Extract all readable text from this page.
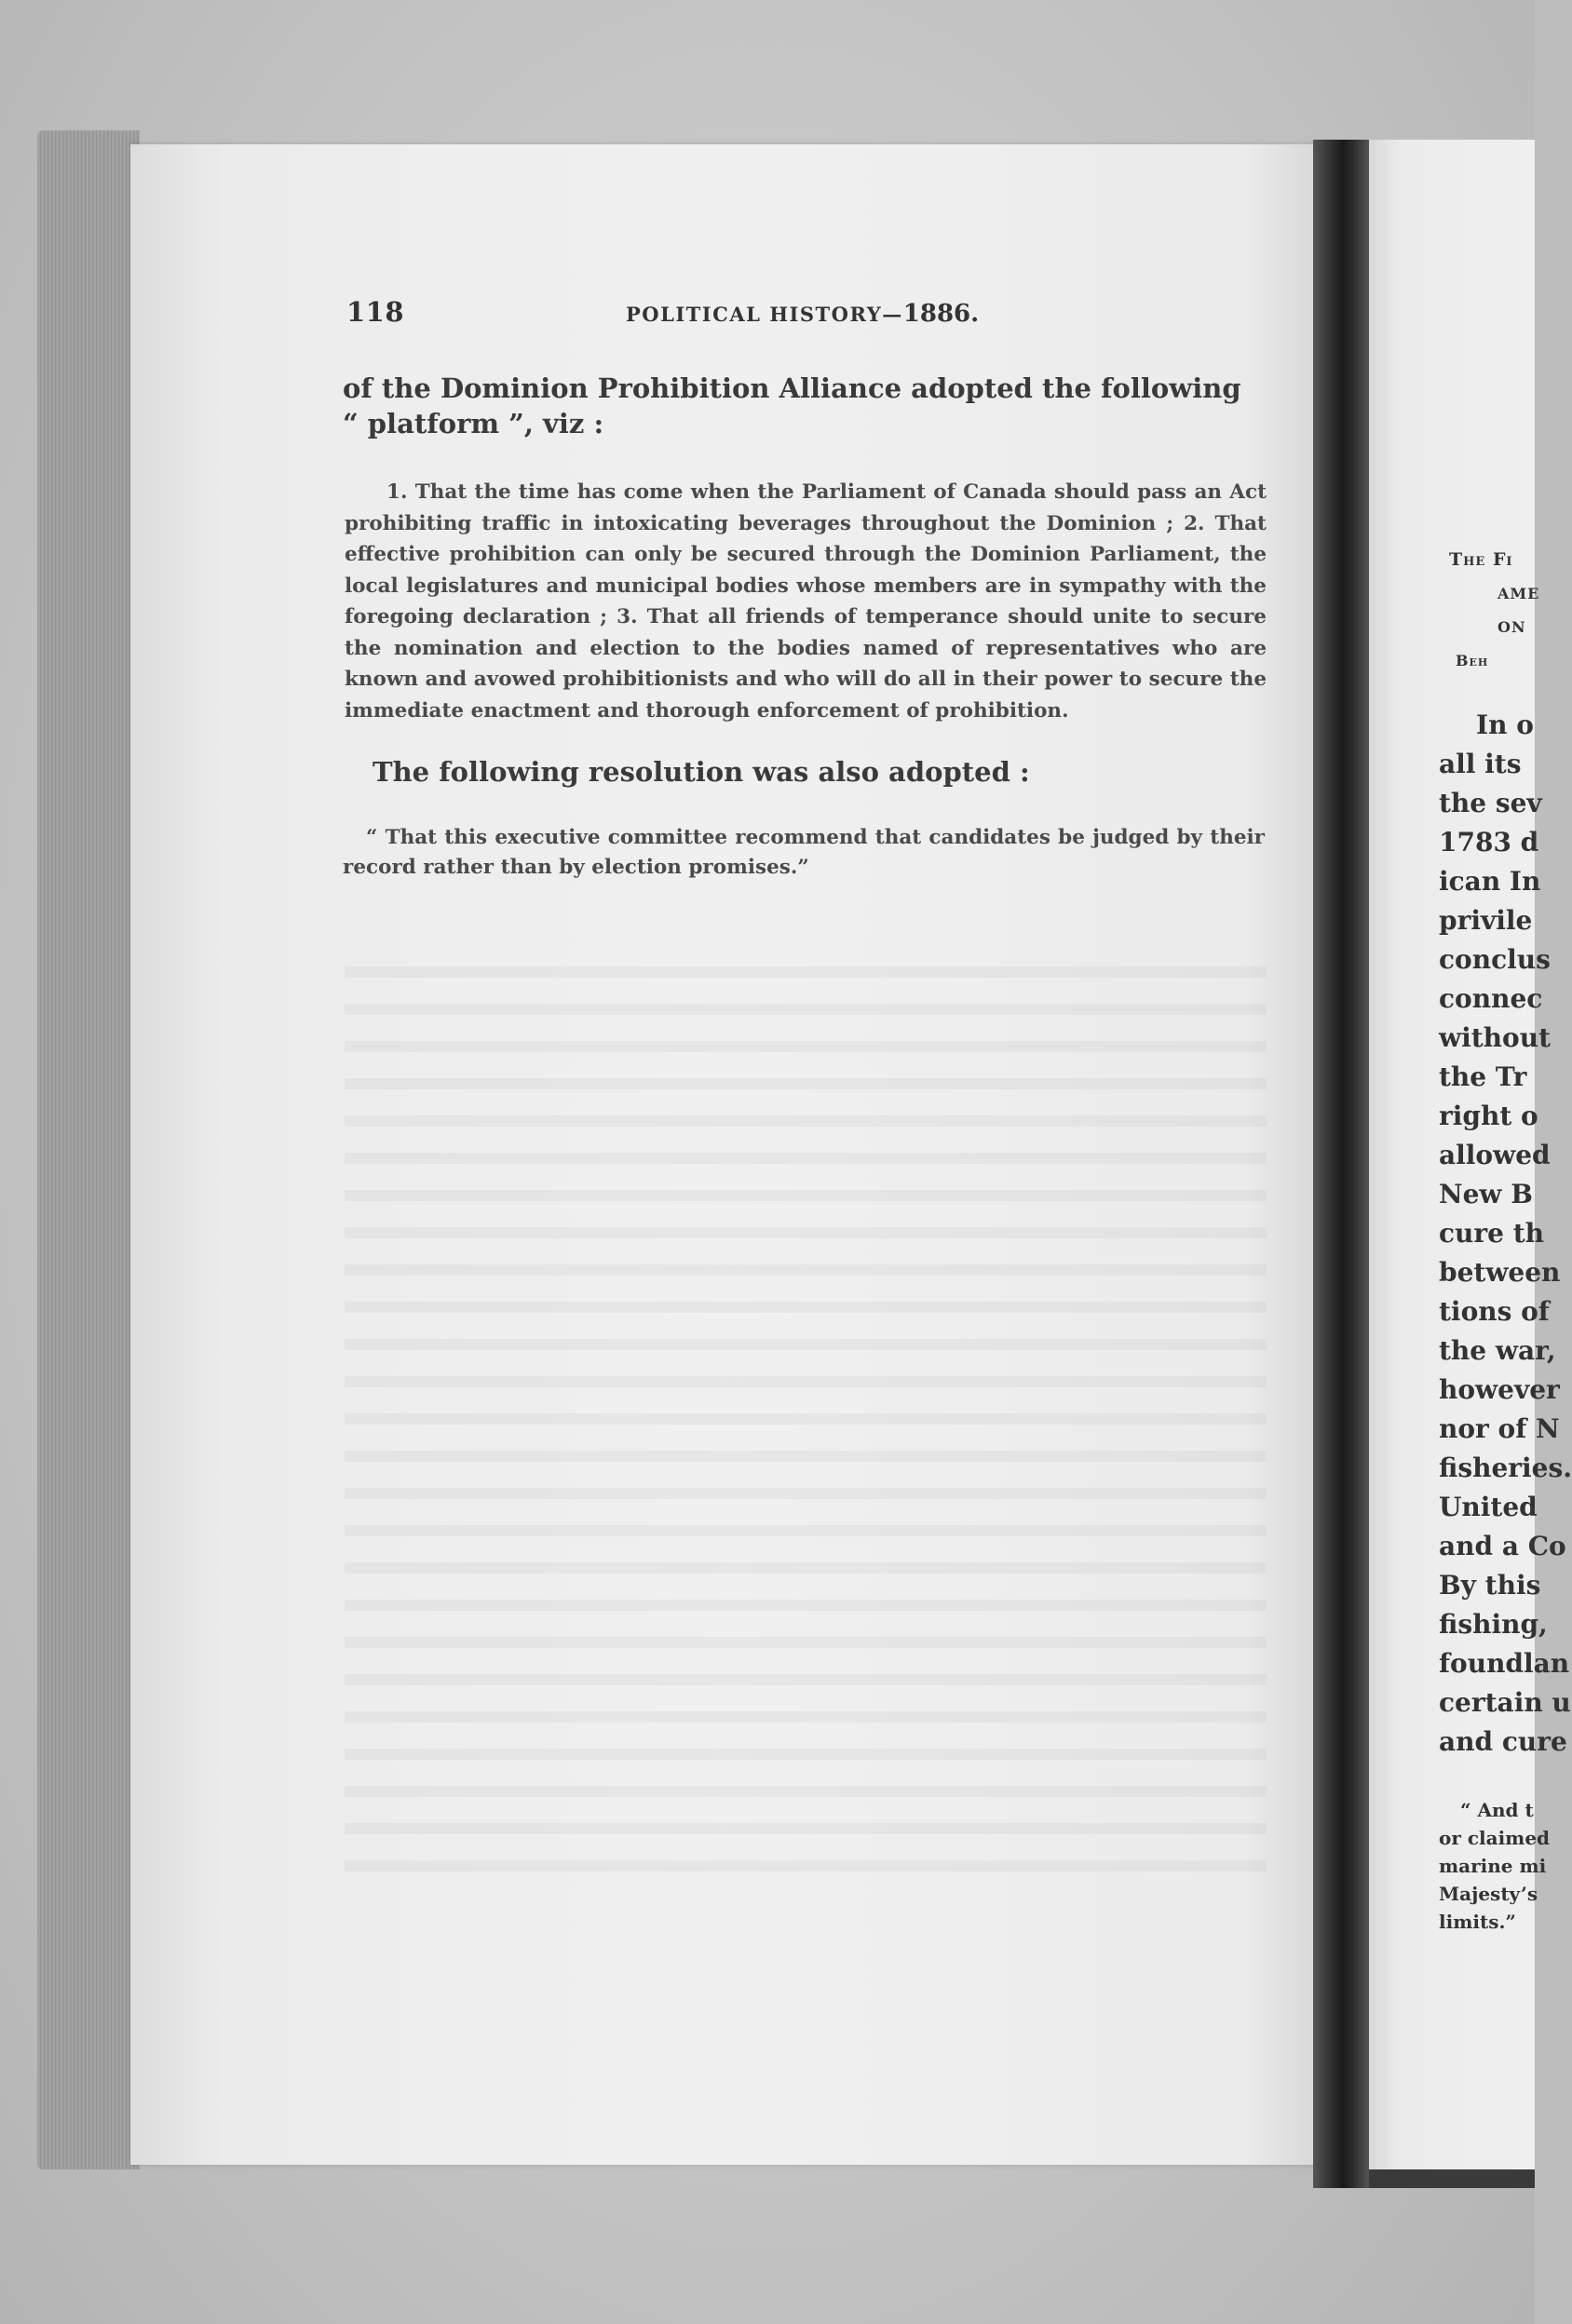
118	POLITICAL HISTORY—1886.

of the Dominion Prohibition Alliance adopted the following “ platform ”, viz :

1. That the time has come when the Parliament of Canada should pass an Act prohibiting traffic in intoxicating beverages throughout the Dominion ; 2. That effective prohibition can only be secured through the Dominion Parliament, the local legislatures and municipal bodies whose members are in sympathy with the foregoing declaration ; 3. That all friends of temperance should unite to secure the nomination and election to the bodies named of representatives who are known and avowed prohibitionists and who will do all in their power to secure the immediate enactment and thorough enforcement of prohibition.

The following resolution was also adopted :

“ That this executive committee recommend that candidates be judged by their record rather than by election promises.”

The Fi
AME
ON
Beh
In o
all its
the sev
1783 d
ican In
privile
conclus
connec
without
the Tr
right o
allowed
New B
cure th
between
tions of
the war,
however
nor of N
fisheries.
United
and a Co
By this
fishing,
foundlan
certain u
and cure
“ And t
or claimed
marine mi
Majesty’s
limits.”
